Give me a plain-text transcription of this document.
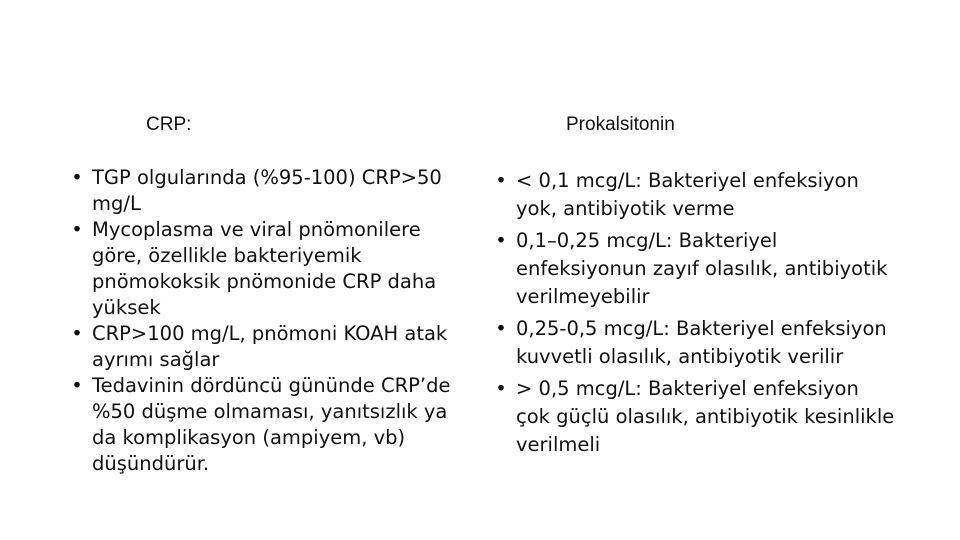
CRP:	Prokalsitonin
• TGP olgularında (%95-100) CRP>50 mg/L
• Mycoplasma ve viral pnömonilere göre, özellikle bakteriyemik pnömokoksik pnömonide CRP daha yüksek
• CRP>100 mg/L, pnömoni KOAH atak ayrımı sağlar
• Tedavinin dördüncü gününde CRP’de %50 düşme olmaması, yanıtsızlık ya da komplikasyon (ampiyem, vb) düşündürür.
• < 0,1 mcg/L: Bakteriyel enfeksiyon yok, antibiyotik verme
• 0,1–0,25 mcg/L: Bakteriyel enfeksiyonun zayıf olasılık, antibiyotik verilmeyebilir
• 0,25-0,5 mcg/L: Bakteriyel enfeksiyon kuvvetli olasılık, antibiyotik verilir
• > 0,5 mcg/L: Bakteriyel enfeksiyon çok güçlü olasılık, antibiyotik kesinlikle verilmeli
